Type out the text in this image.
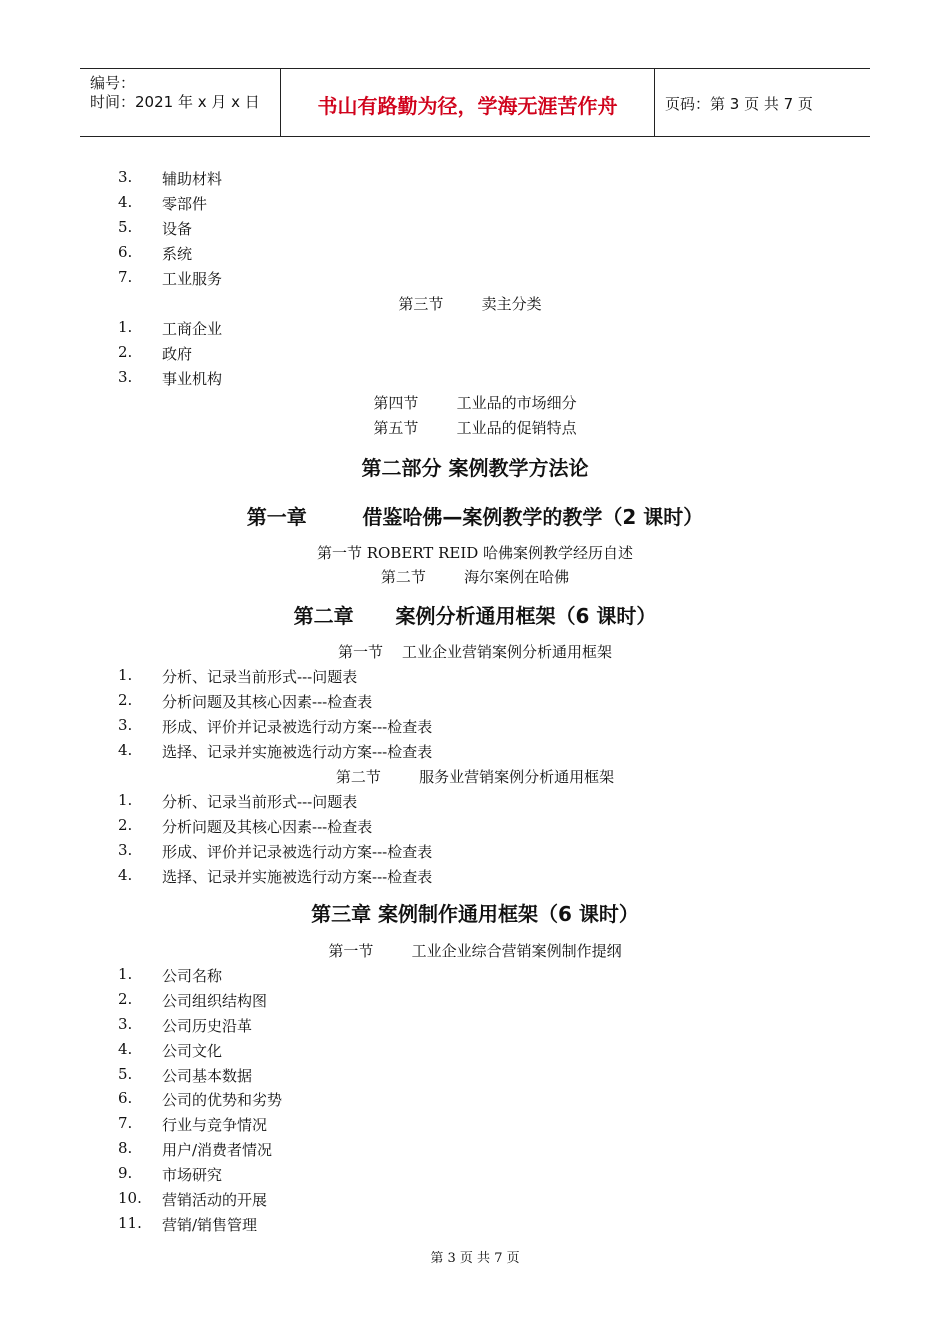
编号：
时间：2021 年 x 月 x 日	书山有路勤为径，学海无涯苦作舟	页码：第 3 页 共 7 页
3. 辅助材料
4. 零部件
5. 设备
6. 系统
7. 工业服务
第三节        卖主分类
1. 工商企业
2. 政府
3. 事业机构
第四节        工业品的市场细分
第五节        工业品的促销特点
第二部分 案例教学方法论
第一章        借鉴哈佛—案例教学的教学（2 课时）
第一节 ROBERT REID 哈佛案例教学经历自述
第二节        海尔案例在哈佛
第二章      案例分析通用框架（6 课时）
第一节    工业企业营销案例分析通用框架
1. 分析、记录当前形式---问题表
2. 分析问题及其核心因素---检查表
3. 形成、评价并记录被选行动方案---检查表
4. 选择、记录并实施被选行动方案---检查表
第二节        服务业营销案例分析通用框架
1. 分析、记录当前形式---问题表
2. 分析问题及其核心因素---检查表
3. 形成、评价并记录被选行动方案---检查表
4. 选择、记录并实施被选行动方案---检查表
第三章 案例制作通用框架（6 课时）
第一节        工业企业综合营销案例制作提纲
1. 公司名称
2. 公司组织结构图
3. 公司历史沿革
4. 公司文化
5. 公司基本数据
6. 公司的优势和劣势
7. 行业与竞争情况
8. 用户/消费者情况
9. 市场研究
10. 营销活动的开展
11. 营销/销售管理
第 3 页 共 7 页
